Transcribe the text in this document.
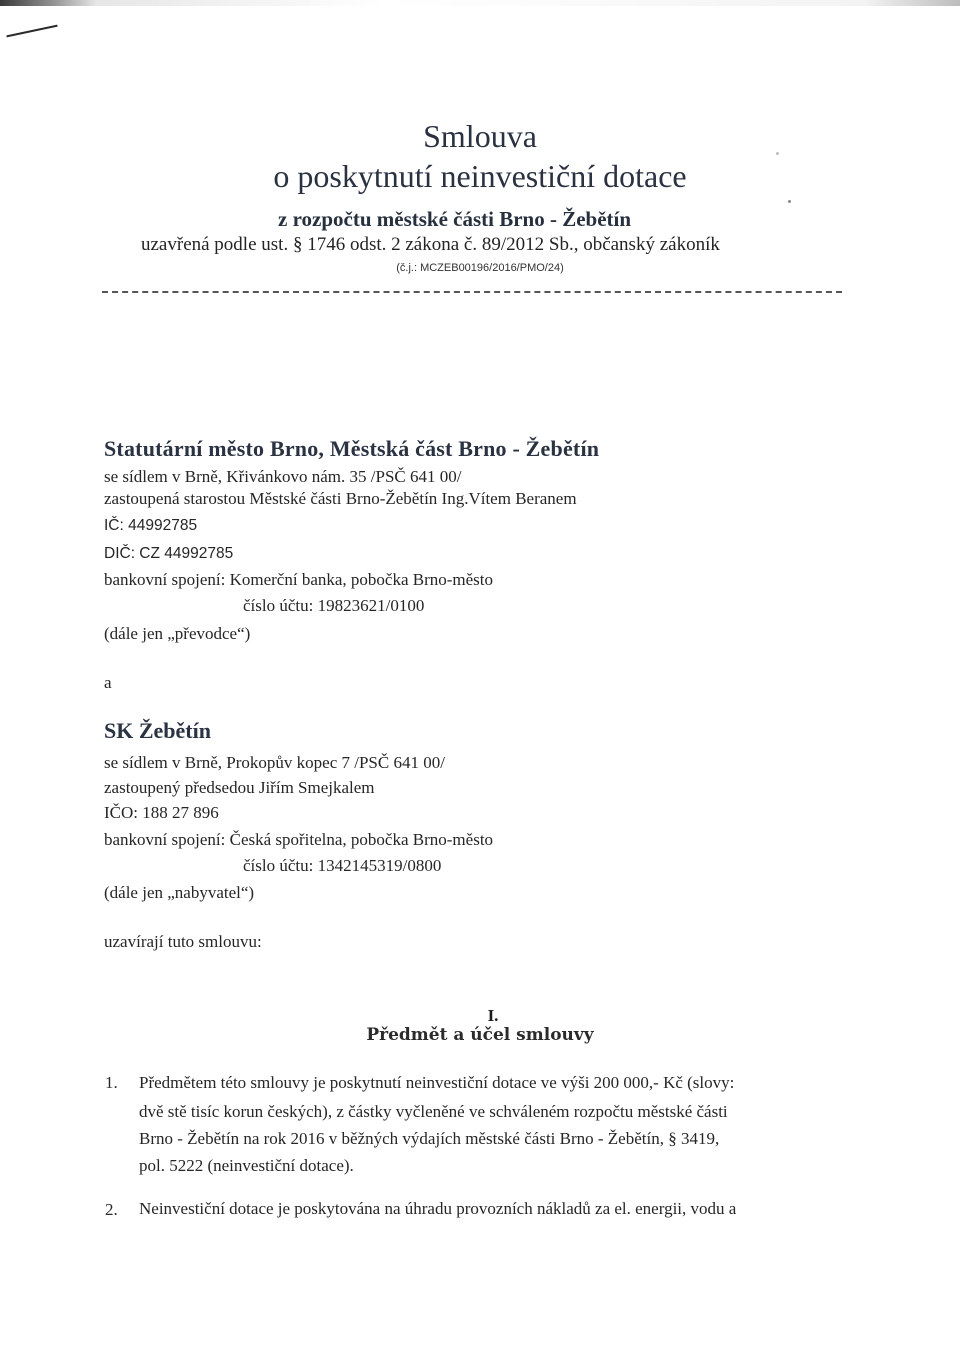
Smlouva
o poskytnutí neinvestiční dotace
z rozpočtu městské části Brno - Žebětín
uzavřená podle ust. § 1746 odst. 2 zákona č. 89/2012 Sb., občanský zákoník
(č.j.: MCZEB00196/2016/PMO/24)
Statutární město Brno, Městská část Brno - Žebětín
se sídlem v Brně, Křivánkovo nám. 35 /PSČ 641 00/
zastoupená starostou Městské části Brno-Žebětín Ing.Vítem Beranem
IČ: 44992785
DIČ: CZ 44992785
bankovní spojení: Komerční banka, pobočka Brno-město
číslo účtu: 19823621/0100
(dále jen „převodce“)
a
SK Žebětín
se sídlem v Brně, Prokopův kopec 7 /PSČ 641 00/
zastoupený předsedou Jiřím Smejkalem
IČO: 188 27 896
bankovní spojení: Česká spořitelna, pobočka Brno-město
číslo účtu: 1342145319/0800
(dále jen „nabyvatel“)
uzavírají tuto smlouvu:
I.
Předmět a účel smlouvy
1. Předmětem této smlouvy je poskytnutí neinvestiční dotace ve výši 200 000,- Kč (slovy:
dvě stě tisíc korun českých), z částky vyčleněné ve schváleném rozpočtu městské části
Brno - Žebětín na rok 2016 v běžných výdajích městské části Brno - Žebětín, § 3419,
pol. 5222 (neinvestiční dotace).
2. Neinvestiční dotace je poskytována na úhradu provozních nákladů za el. energii, vodu a
